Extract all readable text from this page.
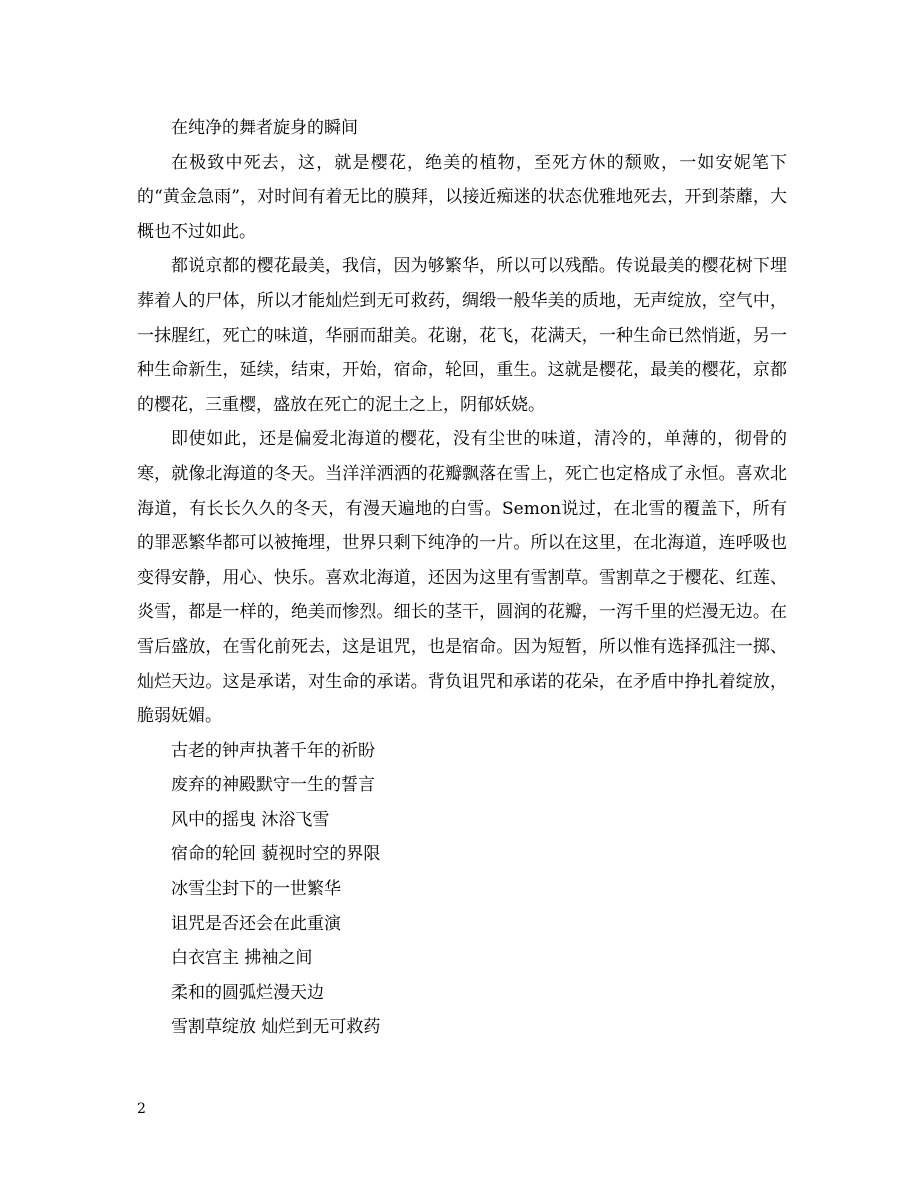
在纯净的舞者旋身的瞬间

在极致中死去，这，就是樱花，绝美的植物，至死方休的颓败，一如安妮笔下的“黄金急雨”，对时间有着无比的膜拜，以接近痴迷的状态优雅地死去，开到荼蘼，大概也不过如此。

都说京都的樱花最美，我信，因为够繁华，所以可以残酷。传说最美的樱花树下埋葬着人的尸体，所以才能灿烂到无可救药，绸缎一般华美的质地，无声绽放，空气中，一抹腥红，死亡的味道，华丽而甜美。花谢，花飞，花满天，一种生命已然悄逝，另一种生命新生，延续，结束，开始，宿命，轮回，重生。这就是樱花，最美的樱花，京都的樱花，三重樱，盛放在死亡的泥土之上，阴郁妖娆。

即使如此，还是偏爱北海道的樱花，没有尘世的味道，清冷的，单薄的，彻骨的寒，就像北海道的冬天。当洋洋洒洒的花瓣飘落在雪上，死亡也定格成了永恒。喜欢北海道，有长长久久的冬天，有漫天遍地的白雪。Semon说过，在北雪的覆盖下，所有的罪恶繁华都可以被掩埋，世界只剩下纯净的一片。所以在这里，在北海道，连呼吸也变得安静，用心、快乐。喜欢北海道，还因为这里有雪割草。雪割草之于樱花、红莲、炎雪，都是一样的，绝美而惨烈。细长的茎干，圆润的花瓣，一泻千里的烂漫无边。在雪后盛放，在雪化前死去，这是诅咒，也是宿命。因为短暂，所以惟有选择孤注一掷、灿烂天边。这是承诺，对生命的承诺。背负诅咒和承诺的花朵，在矛盾中挣扎着绽放，脆弱妩媚。

古老的钟声执著千年的祈盼
废弃的神殿默守一生的誓言
风中的摇曳 沐浴飞雪
宿命的轮回 藐视时空的界限
冰雪尘封下的一世繁华
诅咒是否还会在此重演
白衣宫主 拂袖之间
柔和的圆弧烂漫天边
雪割草绽放 灿烂到无可救药
2
